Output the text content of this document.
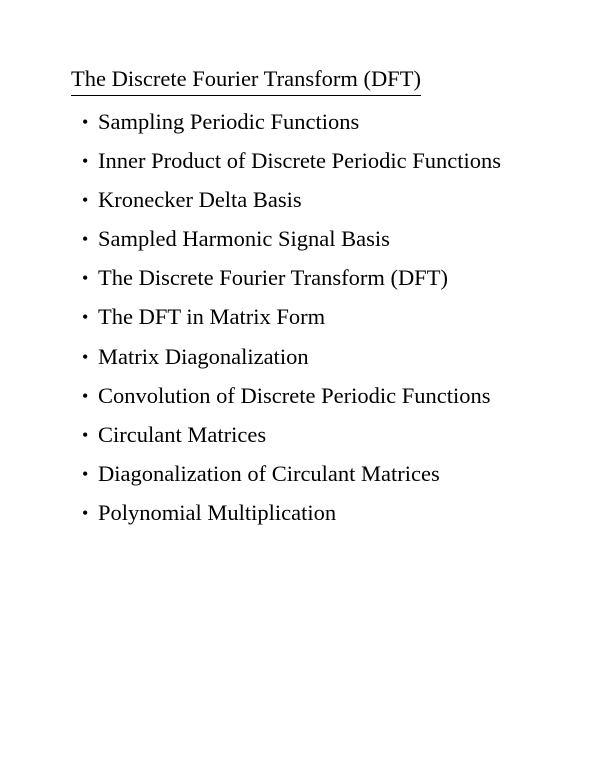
The Discrete Fourier Transform (DFT)
• Sampling Periodic Functions
• Inner Product of Discrete Periodic Functions
• Kronecker Delta Basis
• Sampled Harmonic Signal Basis
• The Discrete Fourier Transform (DFT)
• The DFT in Matrix Form
• Matrix Diagonalization
• Convolution of Discrete Periodic Functions
• Circulant Matrices
• Diagonalization of Circulant Matrices
• Polynomial Multiplication
